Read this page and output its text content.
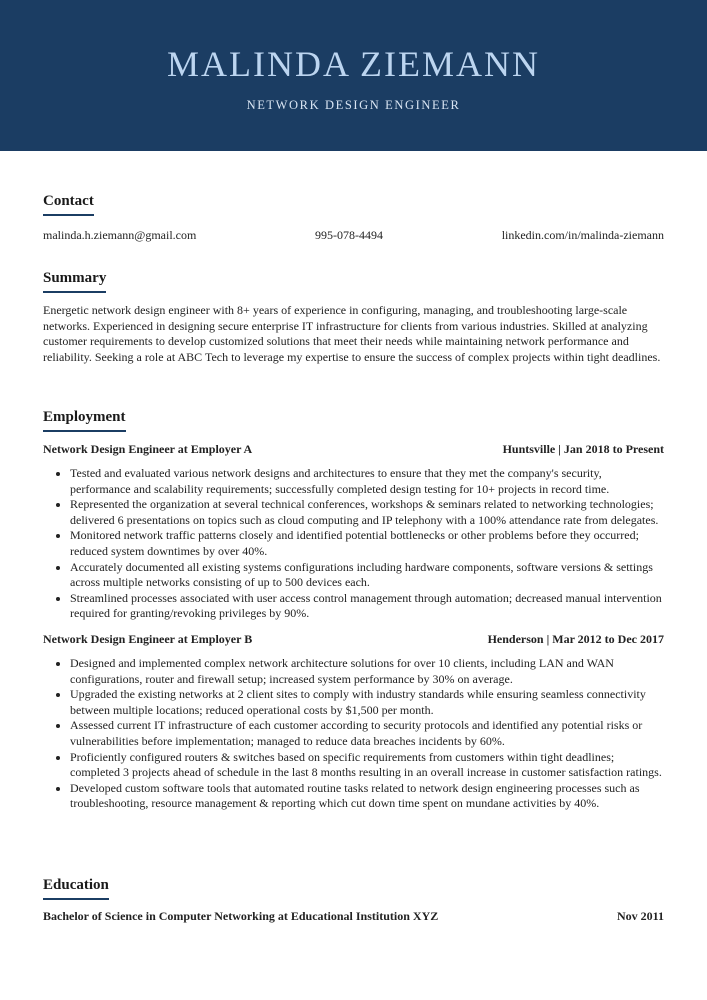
MALINDA ZIEMANN
NETWORK DESIGN ENGINEER
Contact
malinda.h.ziemann@gmail.com	995-078-4494	linkedin.com/in/malinda-ziemann
Summary
Energetic network design engineer with 8+ years of experience in configuring, managing, and troubleshooting large-scale networks. Experienced in designing secure enterprise IT infrastructure for clients from various industries. Skilled at analyzing customer requirements to develop customized solutions that meet their needs while maintaining network performance and reliability. Seeking a role at ABC Tech to leverage my expertise to ensure the success of complex projects within tight deadlines.
Employment
Network Design Engineer at Employer A	Huntsville | Jan 2018 to Present
• Tested and evaluated various network designs and architectures to ensure that they met the company's security, performance and scalability requirements; successfully completed design testing for 10+ projects in record time.
• Represented the organization at several technical conferences, workshops & seminars related to networking technologies; delivered 6 presentations on topics such as cloud computing and IP telephony with a 100% attendance rate from delegates.
• Monitored network traffic patterns closely and identified potential bottlenecks or other problems before they occurred; reduced system downtimes by over 40%.
• Accurately documented all existing systems configurations including hardware components, software versions & settings across multiple networks consisting of up to 500 devices each.
• Streamlined processes associated with user access control management through automation; decreased manual intervention required for granting/revoking privileges by 90%.
Network Design Engineer at Employer B	Henderson | Mar 2012 to Dec 2017
• Designed and implemented complex network architecture solutions for over 10 clients, including LAN and WAN configurations, router and firewall setup; increased system performance by 30% on average.
• Upgraded the existing networks at 2 client sites to comply with industry standards while ensuring seamless connectivity between multiple locations; reduced operational costs by $1,500 per month.
• Assessed current IT infrastructure of each customer according to security protocols and identified any potential risks or vulnerabilities before implementation; managed to reduce data breaches incidents by 60%.
• Proficiently configured routers & switches based on specific requirements from customers within tight deadlines; completed 3 projects ahead of schedule in the last 8 months resulting in an overall increase in customer satisfaction ratings.
• Developed custom software tools that automated routine tasks related to network design engineering processes such as troubleshooting, resource management & reporting which cut down time spent on mundane activities by 40%.
Education
Bachelor of Science in Computer Networking at Educational Institution XYZ	Nov 2011
